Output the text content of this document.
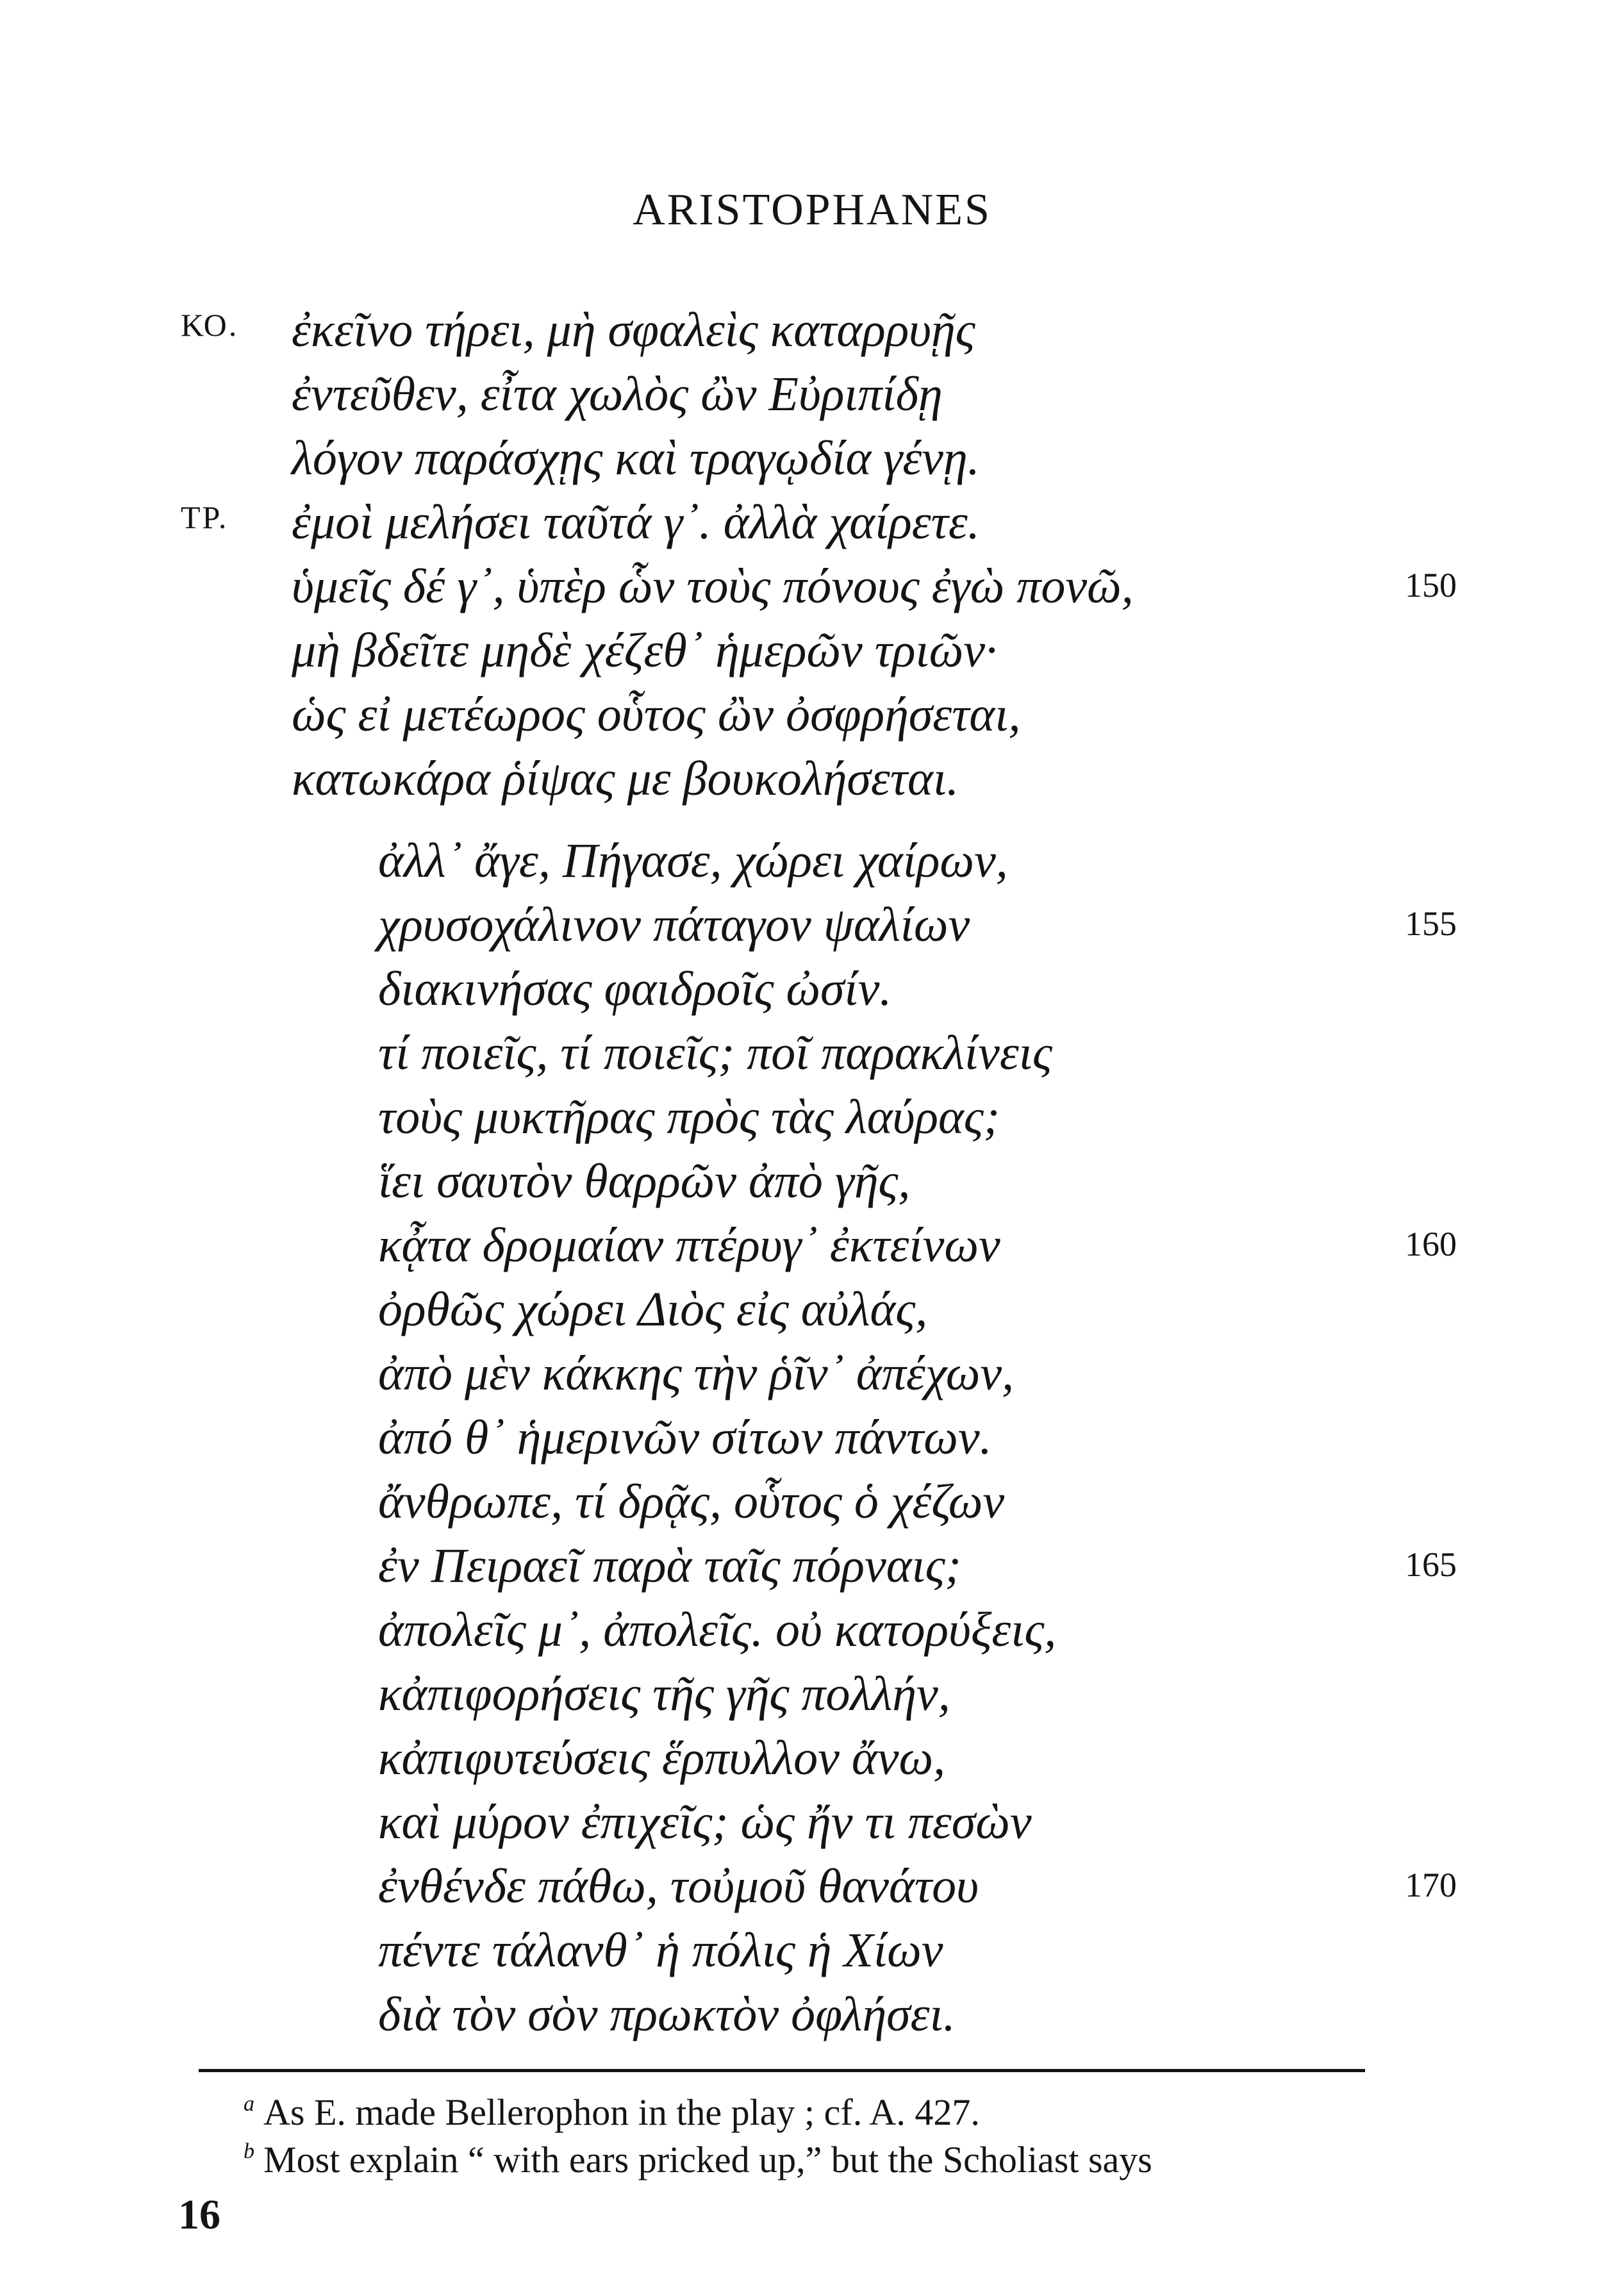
ARISTOPHANES
ΚΟ. ἐκεῖνο τήρει, μὴ σφαλεὶς καταρρυῇς
ἐντεῦθεν, εἶτα χωλὸς ὢν Εὐριπίδῃ
λόγον παράσχῃς καὶ τραγῳδία γένῃ.
ΤΡ. ἐμοὶ μελήσει ταῦτά γ᾽. ἀλλὰ χαίρετε.
ὑμεῖς δέ γ᾽, ὑπὲρ ὧν τοὺς πόνους ἐγὼ πονῶ,	150
μὴ βδεῖτε μηδὲ χέζεθ᾽ ἡμερῶν τριῶν·
ὡς εἰ μετέωρος οὗτος ὢν ὀσφρήσεται,
κατωκάρα ῥίψας με βουκολήσεται.
ἀλλ᾽ ἄγε, Πήγασε, χώρει χαίρων,
χρυσοχάλινον πάταγον ψαλίων	155
διακινήσας φαιδροῖς ὠσίν.
τί ποιεῖς, τί ποιεῖς; ποῖ παρακλίνεις
τοὺς μυκτῆρας πρὸς τὰς λαύρας;
ἵει σαυτὸν θαρρῶν ἀπὸ γῆς,
κᾆτα δρομαίαν πτέρυγ᾽ ἐκτείνων	160
ὀρθῶς χώρει Διὸς εἰς αὐλάς,
ἀπὸ μὲν κάκκης τὴν ῥῖν᾽ ἀπέχων,
ἀπό θ᾽ ἡμερινῶν σίτων πάντων.
ἄνθρωπε, τί δρᾷς, οὗτος ὁ χέζων
ἐν Πειραεῖ παρὰ ταῖς πόρναις;	165
ἀπολεῖς μ᾽, ἀπολεῖς. οὐ κατορύξεις,
κἀπιφορήσεις τῆς γῆς πολλήν,
κἀπιφυτεύσεις ἕρπυλλον ἄνω,
καὶ μύρον ἐπιχεῖς; ὡς ἤν τι πεσὼν
ἐνθένδε πάθω, τοὐμοῦ θανάτου	170
πέντε τάλανθ᾽ ἡ πόλις ἡ Χίων
διὰ τὸν σὸν πρωκτὸν ὀφλήσει.
$^a$ As E. made Bellerophon in the play ; cf. A. 427.
$^b$ Most explain “ with ears pricked up,” but the Scholiast says
16
